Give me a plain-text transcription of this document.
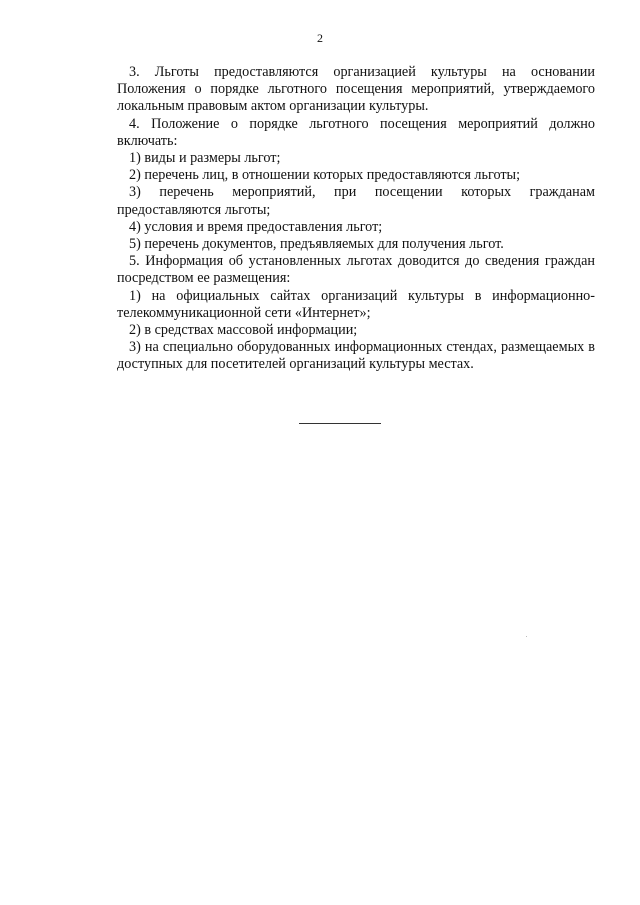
2

3. Льготы предоставляются организацией культуры на основании Положения о порядке льготного посещения мероприятий, утверждаемого локальным правовым актом организации культуры.

4. Положение о порядке льготного посещения мероприятий должно включать:

1) виды и размеры льгот;

2) перечень лиц, в отношении которых предоставляются льготы;

3) перечень мероприятий, при посещении которых гражданам предоставляются льготы;

4) условия и время предоставления льгот;

5) перечень документов, предъявляемых для получения льгот.

5. Информация об установленных льготах доводится до сведения граждан посредством ее размещения:

1) на официальных сайтах организаций культуры в информационно-телекоммуникационной сети «Интернет»;

2) в средствах массовой информации;

3) на специально оборудованных информационных стендах, размещаемых в доступных для посетителей организаций культуры местах.
